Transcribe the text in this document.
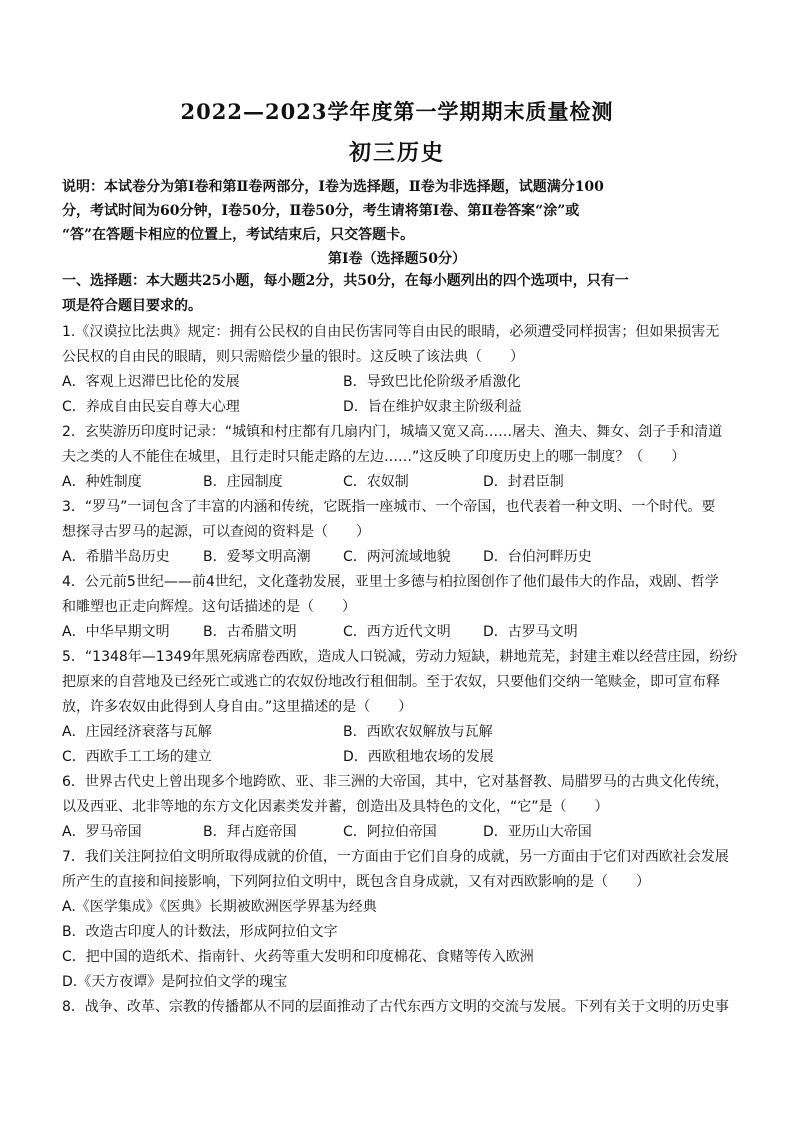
2022—2023学年度第一学期期末质量检测
初三历史
说明：本试卷分为第Ⅰ卷和第Ⅱ卷两部分，Ⅰ卷为选择题，Ⅱ卷为非选择题，试题满分100
分，考试时间为60分钟，Ⅰ卷50分，Ⅱ卷50分，考生请将第Ⅰ卷、第Ⅱ卷答案“涂”或
“答”在答题卡相应的位置上，考试结束后，只交答题卡。
第Ⅰ卷（选择题50分）
一、选择题：本大题共25小题，每小题2分，共50分，在每小题列出的四个选项中，只有一
项是符合题目要求的。
1.《汉谟拉比法典》规定：拥有公民权的自由民伤害同等自由民的眼睛，必须遭受同样损害；但如果损害无
公民权的自由民的眼睛，则只需赔偿少量的银时。这反映了该法典（　　）
A．客观上迟滞巴比伦的发展	B．导致巴比伦阶级矛盾激化
C．养成自由民妄自尊大心理	D．旨在维护奴隶主阶级利益
2．玄奘游历印度时记录：“城镇和村庄都有几扇内门，城墙又宽又高……屠夫、渔夫、舞女、刽子手和清道
夫之类的人不能住在城里，且行走时只能走路的左边……”这反映了印度历史上的哪一制度？（　　）
A．种姓制度	B．庄园制度	C．农奴制	D．封君臣制
3．“罗马”一词包含了丰富的内涵和传统，它既指一座城市、一个帝国，也代表着一种文明、一个时代。要
想探寻古罗马的起源，可以查阅的资料是（　　）
A．希腊半岛历史 B．爱琴文明高潮 C．两河流域地貌 D．台伯河畔历史
4．公元前5世纪——前4世纪，文化蓬勃发展，亚里士多德与柏拉图创作了他们最伟大的作品，戏剧、哲学
和雕塑也正走向辉煌。这句话描述的是（　　）
A．中华早期文明 B．古希腊文明	C．西方近代文明 D．古罗马文明
5．“1348年—1349年黑死病席卷西欧，造成人口锐减，劳动力短缺，耕地荒芜，封建主难以经营庄园，纷纷
把原来的自营地及已经死亡或逃亡的农奴份地改行租佃制。至于农奴，只要他们交纳一笔赎金，即可宣布释
放，许多农奴由此得到人身自由。”这里描述的是（　　）
A．庄园经济衰落与瓦解	B．西欧农奴解放与瓦解
C．西欧手工工场的建立	D．西欧租地农场的发展
6．世界古代史上曾出现多个地跨欧、亚、非三洲的大帝国，其中，它对基督教、局腊罗马的古典文化传统，
以及西亚、北非等地的东方文化因素类发并蓄，创造出及具特色的文化，“它”是（　　）
A．罗马帝国	B．拜占庭帝国	C．阿拉伯帝国	D．亚历山大帝国
7．我们关注阿拉伯文明所取得成就的价值，一方面由于它们自身的成就，另一方面由于它们对西欧社会发展
所产生的直接和间接影响，下列阿拉伯文明中，既包含自身成就，又有对西欧影响的是（　　）
A.《医学集成》《医典》长期被欧洲医学界基为经典
B．改造古印度人的计数法，形成阿拉伯文字
C．把中国的造纸术、指南针、火药等重大发明和印度棉花、食赌等传入欧洲
D.《天方夜谭》是阿拉伯文学的瑰宝
8．战争、改革、宗教的传播都从不同的层面推动了古代东西方文明的交流与发展。下列有关于文明的历史事
